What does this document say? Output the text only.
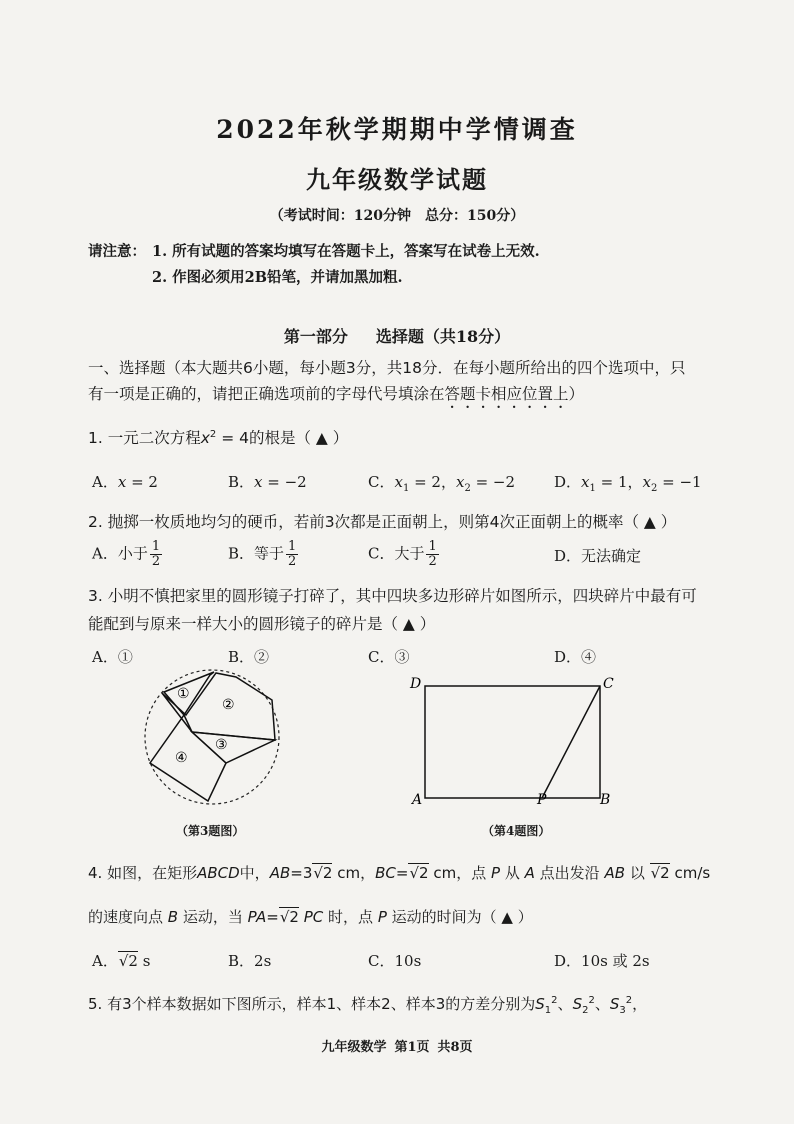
2022年秋学期期中学情调查
九年级数学试题
（考试时间：120分钟　总分：150分）
请注意： 1. 所有试题的答案均填写在答题卡上，答案写在试卷上无效.
2. 作图必须用2B铅笔，并请加黑加粗.
第一部分 选择题（共18分）
一、选择题（本大题共6小题，每小题3分，共18分．在每小题所给出的四个选项中，只
有一项是正确的，请把正确选项前的字母代号填涂在答题卡相应位置上）
1. 一元二次方程$x^2 = 4$的根是（ ▲ ）
A．x = 2	B．x = −2	C．$x_1 = 2$，$x_2 = -2$	D．$x_1 = 1$，$x_2 = -1$
2. 抛掷一枚质地均匀的硬币，若前3次都是正面朝上，则第4次正面朝上的概率（ ▲ ）
A．小于 $\frac{1}{2}$	B．等于 $\frac{1}{2}$	C．大于 $\frac{1}{2}$	D．无法确定
3. 小明不慎把家里的圆形镜子打碎了，其中四块多边形碎片如图所示，四块碎片中最有可
能配到与原来一样大小的圆形镜子的碎片是（ ▲ ）
A．①	B．②	C．③	D．④
①
②
③
④
（第3题图）
D	C
A	P	B
（第4题图）
4. 如图，在矩形ABCD中，AB=3√2 cm，BC=√2 cm，点 P 从 A 点出发沿 AB 以 √2 cm/s
的速度向点 B 运动，当 PA=√2 PC 时，点 P 运动的时间为（ ▲ ）
A．√2 s	B．2s	C．10s	D．10s 或 2s
5. 有3个样本数据如下图所示，样本1、样本2、样本3的方差分别为$S_1^2$、$S_2^2$、$S_3^2$，
九年级数学 第1页 共8页
